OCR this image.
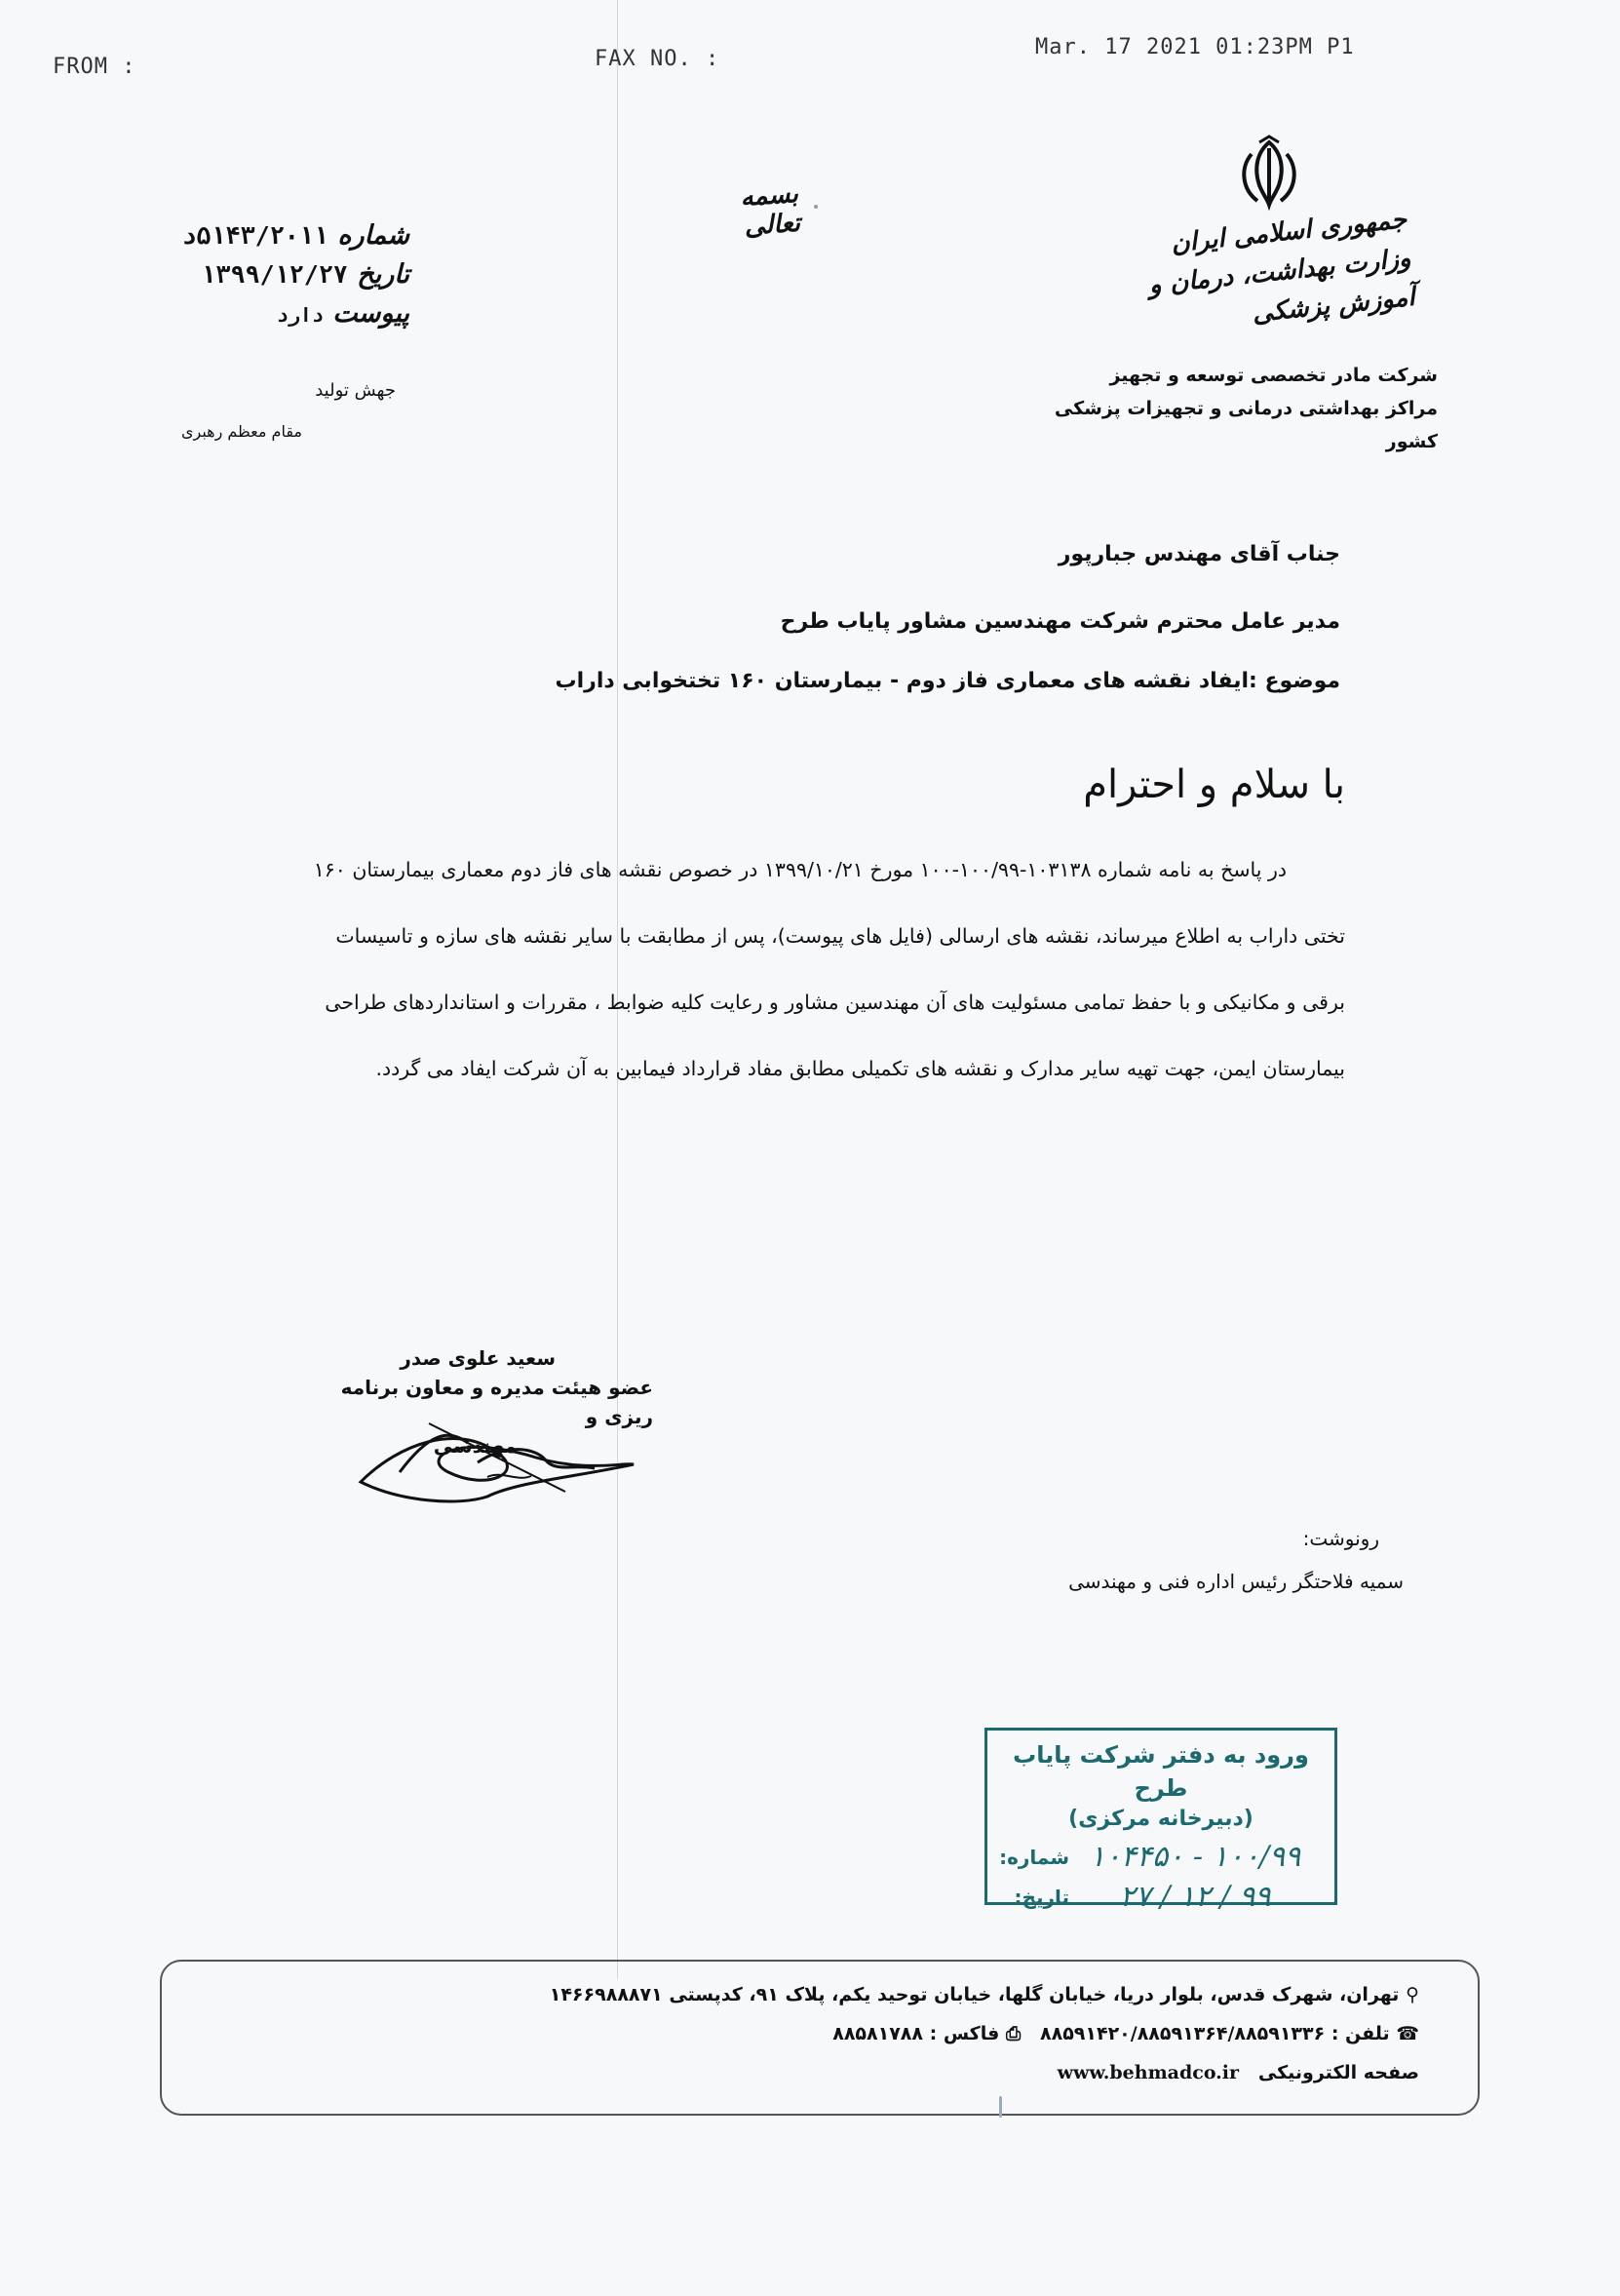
FROM :	FAX NO. :	Mar. 17 2021 01:23PM P1
بسمه تعالی	جمهوری اسلامی ایران
وزارت بهداشت، درمان و آموزش پزشکی
شرکت مادر تخصصی توسعه و تجهیز
مراکز بهداشتی درمانی و تجهیزات پزشکی کشور
شماره ۵۱۴۳/۲۰۱۱د
تاریخ ۱۳۹۹/۱۲/۲۷
پیوست دارد
جهش تولید
مقام معظم رهبری
جناب آقای مهندس جبارپور
مدیر عامل محترم شرکت مهندسین مشاور پایاب طرح
موضوع :ایفاد نقشه های معماری فاز دوم - بیمارستان ۱۶۰ تختخوابی داراب
با سلام و احترام
در پاسخ به نامه شماره ۱۰۳۱۳۸-۱۰۰/۹۹-۱۰۰ مورخ ۱۳۹۹/۱۰/۲۱ در خصوص نقشه های فاز دوم معماری بیمارستان ۱۶۰
تختی داراب به اطلاع میرساند، نقشه های ارسالی (فایل های پیوست)، پس از مطابقت با سایر نقشه های سازه و تاسیسات
برقی و مکانیکی و با حفظ تمامی مسئولیت های آن مهندسین مشاور و رعایت کلیه ضوابط ، مقررات و استانداردهای طراحی
بیمارستان ایمن، جهت تهیه سایر مدارک و نقشه های تکمیلی مطابق مفاد قرارداد فیمابین به آن شرکت ایفاد می گردد.
سعید علوی صدر
عضو هیئت مدیره و معاون برنامه ریزی و
مهندسی
رونوشت:
سمیه فلاحتگر رئیس اداره فنی و مهندسی
ورود به دفتر شرکت پایاب طرح
(دبیرخانه مرکزی)
شماره: ۱۰۰/۹۹ - ۱۰۴۴۵۰
تاریخ:	۹۹ / ۱۲ / ۲۷
⚲ تهران، شهرک قدس، بلوار دریا، خیابان گلها، خیابان توحید یکم، پلاک ۹۱، کدپستی ۱۴۶۶۹۸۸۸۷۱
☎ تلفن : ۸۸۵۹۱۴۲۰/۸۸۵۹۱۳۶۴/۸۸۵۹۱۳۳۶   ⎙ فاکس : ۸۸۵۸۱۷۸۸
صفحه الکترونیکی   www.behmadco.ir
